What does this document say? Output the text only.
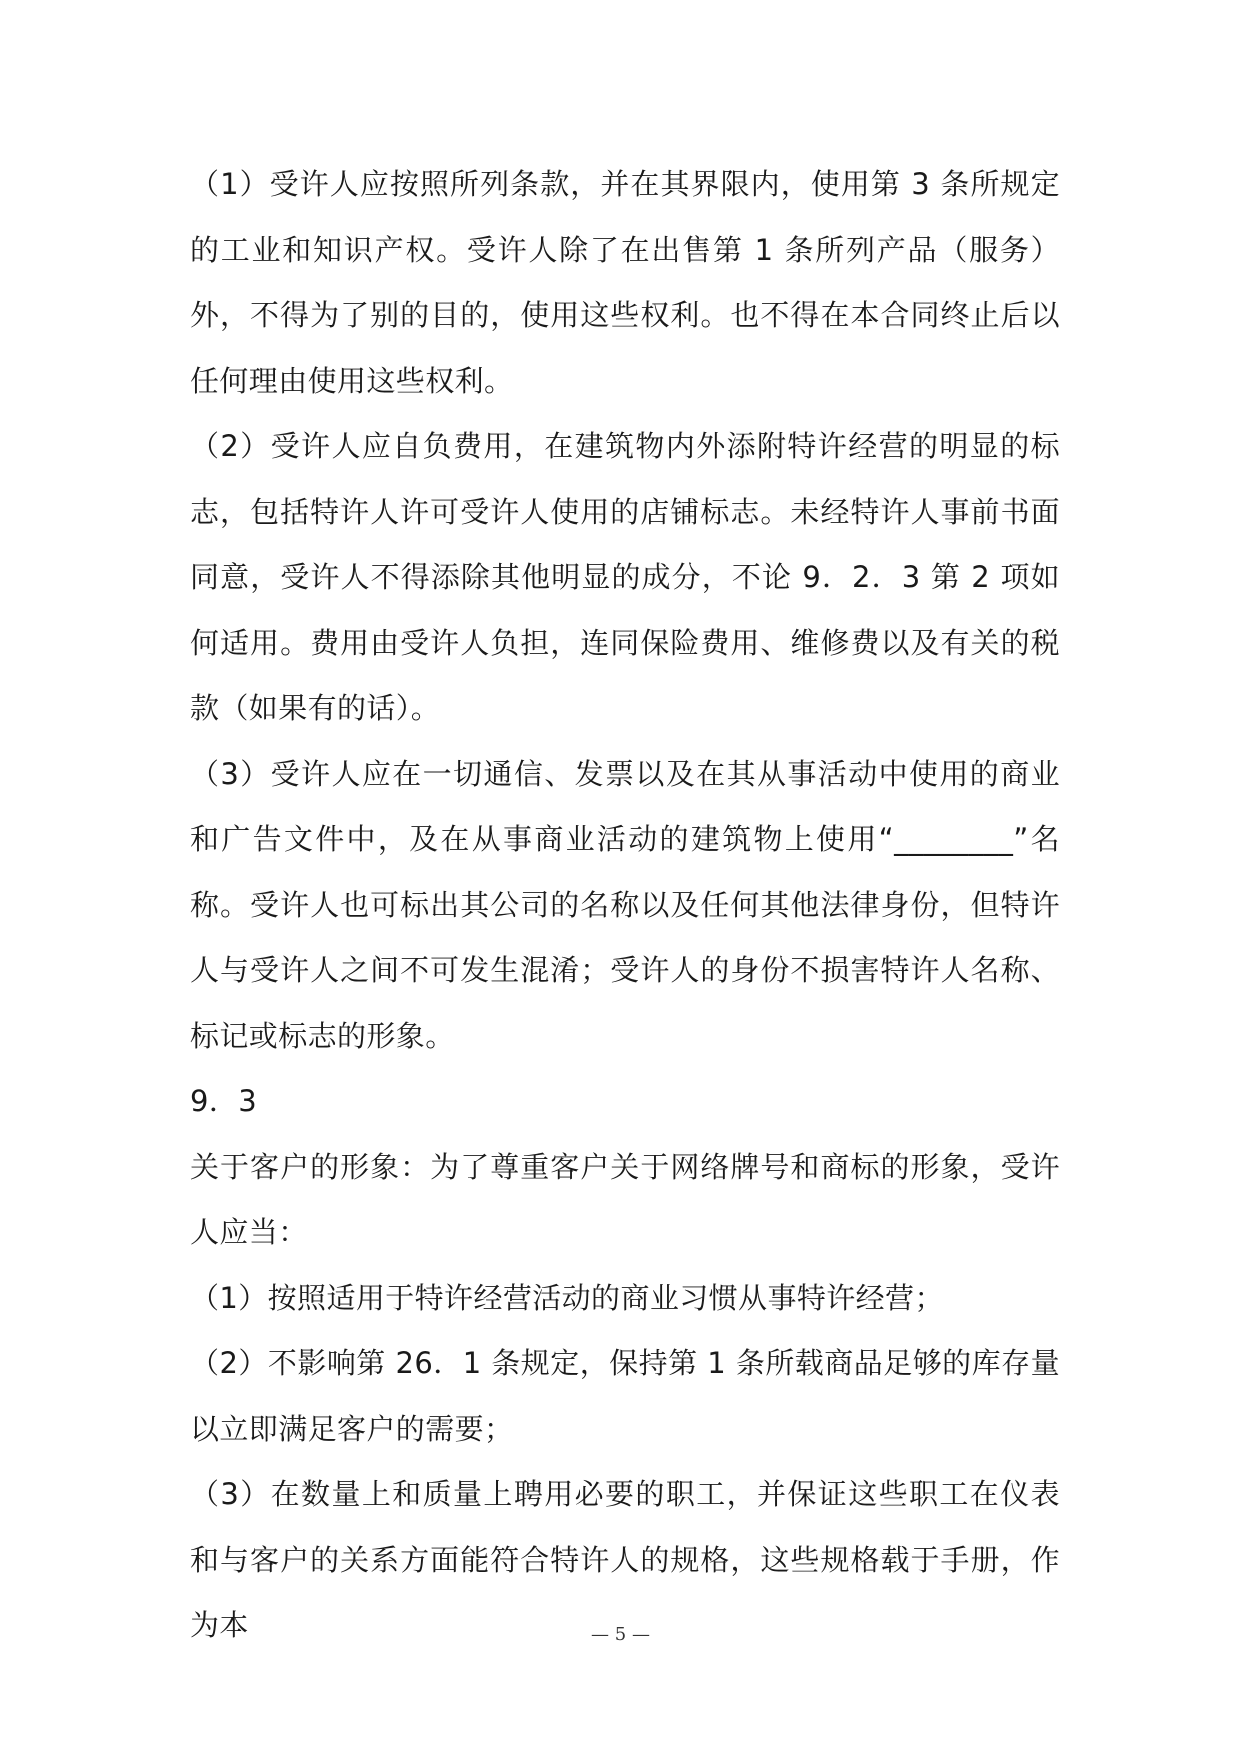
（1）受许人应按照所列条款，并在其界限内，使用第 3 条所规定的工业和知识产权。受许人除了在出售第 1 条所列产品（服务）外，不得为了别的目的，使用这些权利。也不得在本合同终止后以任何理由使用这些权利。

（2）受许人应自负费用，在建筑物内外添附特许经营的明显的标志，包括特许人许可受许人使用的店铺标志。未经特许人事前书面同意，受许人不得添除其他明显的成分，不论 9．2．3 第 2 项如何适用。费用由受许人负担，连同保险费用、维修费以及有关的税款（如果有的话）。

（3）受许人应在一切通信、发票以及在其从事活动中使用的商业和广告文件中，及在从事商业活动的建筑物上使用“________”名称。受许人也可标出其公司的名称以及任何其他法律身份，但特许人与受许人之间不可发生混淆；受许人的身份不损害特许人名称、标记或标志的形象。

9．3

关于客户的形象：为了尊重客户关于网络牌号和商标的形象，受许人应当：

（1）按照适用于特许经营活动的商业习惯从事特许经营；

（2）不影响第 26．1 条规定，保持第 1 条所载商品足够的库存量以立即满足客户的需要；

（3）在数量上和质量上聘用必要的职工，并保证这些职工在仪表和与客户的关系方面能符合特许人的规格，这些规格载于手册，作为本	— 5 —
